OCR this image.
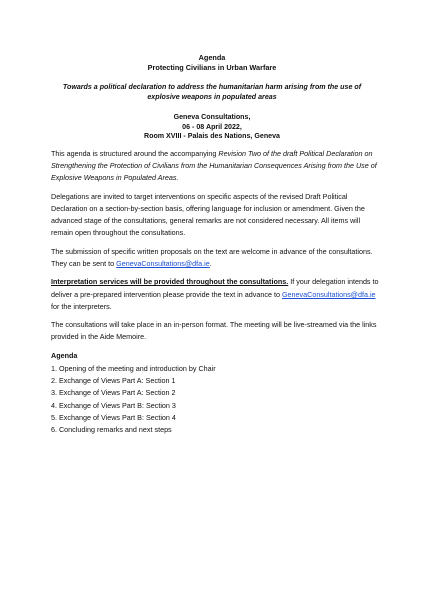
Agenda
Protecting Civilians in Urban Warfare
Towards a political declaration to address the humanitarian harm arising from the use of
explosive weapons in populated areas
Geneva Consultations,
06 - 08 April 2022,
Room XVIII - Palais des Nations, Geneva

This agenda is structured around the accompanying Revision Two of the draft Political Declaration on Strengthening the Protection of Civilians from the Humanitarian Consequences Arising from the Use of Explosive Weapons in Populated Areas.

Delegations are invited to target interventions on specific aspects of the revised Draft Political Declaration on a section-by-section basis, offering language for inclusion or amendment. Given the advanced stage of the consultations, general remarks are not considered necessary. All items will remain open throughout the consultations.

The submission of specific written proposals on the text are welcome in advance of the consultations. They can be sent to GenevaConsultations@dfa.ie.

Interpretation services will be provided throughout the consultations. If your delegation intends to deliver a pre-prepared intervention please provide the text in advance to GenevaConsultations@dfa.ie for the interpreters.

The consultations will take place in an in-person format. The meeting will be live-streamed via the links provided in the Aide Memoire.

Agenda
1. Opening of the meeting and introduction by Chair
2. Exchange of Views Part A: Section 1
3. Exchange of Views Part A: Section 2
4. Exchange of Views Part B: Section 3
5. Exchange of Views Part B: Section 4
6. Concluding remarks and next steps
